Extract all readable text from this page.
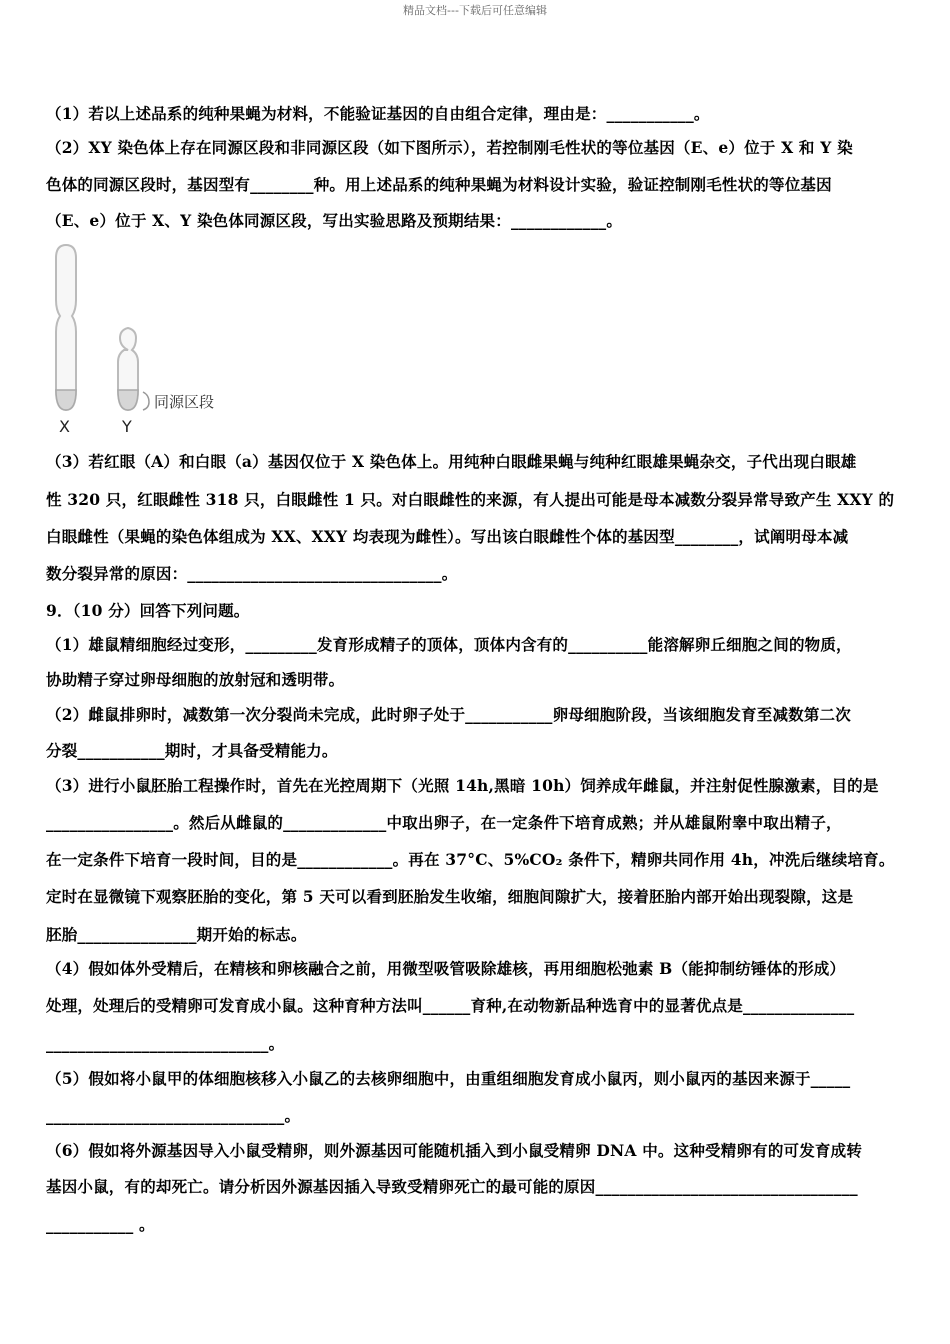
精品文档---下载后可任意编辑
（1）若以上述品系的纯种果蝇为材料，不能验证基因的自由组合定律，理由是：___________。
（2）XY 染色体上存在同源区段和非同源区段（如下图所示），若控制刚毛性状的等位基因（E、e）位于 X 和 Y 染
色体的同源区段时，基因型有________种。用上述品系的纯种果蝇为材料设计实验，验证控制刚毛性状的等位基因
（E、e）位于 X、Y 染色体同源区段，写出实验思路及预期结果：____________。
同源区段
X	Y
（3）若红眼（A）和白眼（a）基因仅位于 X 染色体上。用纯种白眼雌果蝇与纯种红眼雄果蝇杂交，子代出现白眼雄
性 320 只，红眼雌性 318 只，白眼雌性 1 只。对白眼雌性的来源，有人提出可能是母本减数分裂异常导致产生 XXY 的
白眼雌性（果蝇的染色体组成为 XX、XXY 均表现为雌性）。写出该白眼雌性个体的基因型________，试阐明母本减
数分裂异常的原因：________________________________。
9．（10 分）回答下列问题。
（1）雄鼠精细胞经过变形，_________发育形成精子的顶体，顶体内含有的__________能溶解卵丘细胞之间的物质，
协助精子穿过卵母细胞的放射冠和透明带。
（2）雌鼠排卵时，减数第一次分裂尚未完成，此时卵子处于___________卵母细胞阶段，当该细胞发育至减数第二次
分裂___________期时，才具备受精能力。
（3）进行小鼠胚胎工程操作时，首先在光控周期下（光照 14h,黑暗 10h）饲养成年雌鼠，并注射促性腺激素，目的是
________________。然后从雌鼠的_____________中取出卵子，在一定条件下培育成熟；并从雄鼠附睾中取出精子，
在一定条件下培育一段时间，目的是____________。再在 37°C、5%CO₂ 条件下，精卵共同作用 4h，冲洗后继续培育。
定时在显微镜下观察胚胎的变化，第 5 天可以看到胚胎发生收缩，细胞间隙扩大，接着胚胎内部开始出现裂隙，这是
胚胎_______________期开始的标志。
（4）假如体外受精后，在精核和卵核融合之前，用微型吸管吸除雄核，再用细胞松弛素 B（能抑制纺锤体的形成）
处理，处理后的受精卵可发育成小鼠。这种育种方法叫______育种,在动物新品种选育中的显著优点是______________
____________________________。
（5）假如将小鼠甲的体细胞核移入小鼠乙的去核卵细胞中，由重组细胞发育成小鼠丙，则小鼠丙的基因来源于_____
______________________________。
（6）假如将外源基因导入小鼠受精卵，则外源基因可能随机插入到小鼠受精卵 DNA 中。这种受精卵有的可发育成转
基因小鼠，有的却死亡。请分析因外源基因插入导致受精卵死亡的最可能的原因_________________________________
___________ 。
